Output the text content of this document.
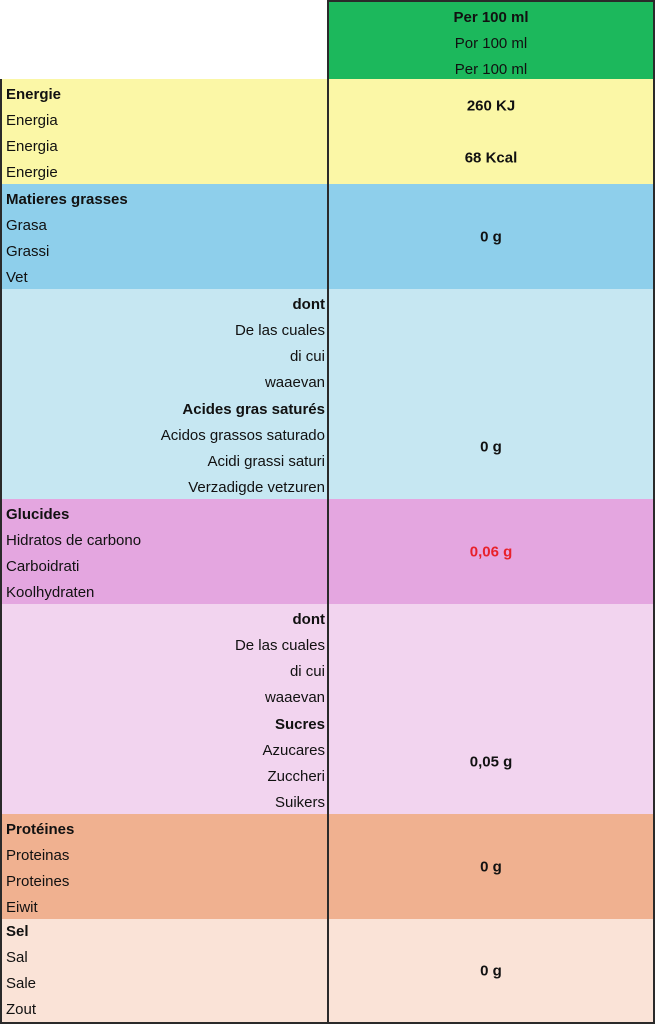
Per 100 ml
Por 100 ml
Per 100 ml
Energie
Energia
Energia
Energie
260 KJ
68 Kcal
Matieres grasses
Grasa
Grassi
Vet
0 g
dont
De las cuales
di cui
waaevan
Acides gras saturés
Acidos grassos saturado
Acidi grassi saturi
Verzadigde vetzuren
0 g
Glucides
Hidratos de carbono
Carboidrati
Koolhydraten
0,06 g
dont
De las cuales
di cui
waaevan
Sucres
Azucares
Zuccheri
Suikers
0,05 g
Protéines
Proteinas
Proteines
Eiwit
0 g
Sel
Sal
Sale
Zout
0 g
